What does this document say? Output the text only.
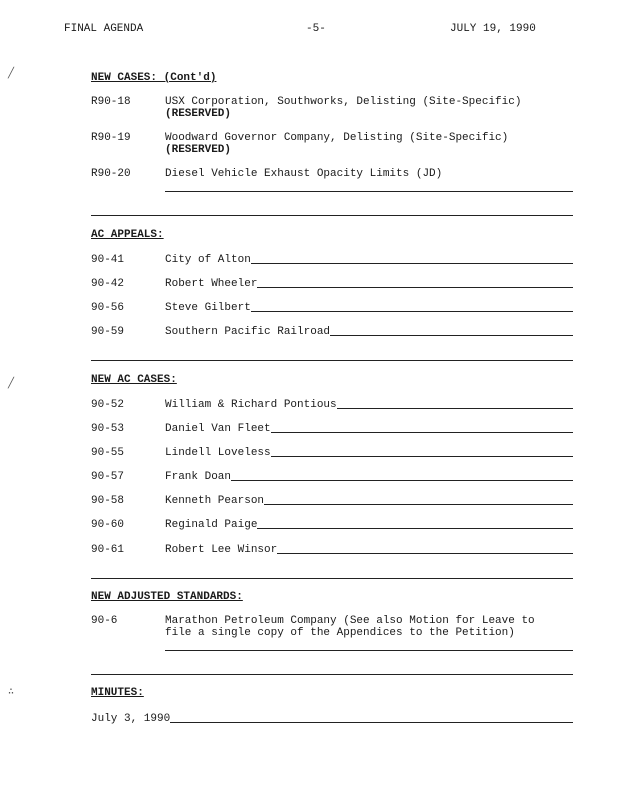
FINAL AGENDA	-5-	JULY 19, 1990
╱
╱
∴
NEW CASES: (Cont'd)
R90-18	USX Corporation, Southworks, Delisting (Site-Specific)
(RESERVED)
R90-19	Woodward Governor Company, Delisting (Site-Specific)
(RESERVED)
R90-20	Diesel Vehicle Exhaust Opacity Limits (JD)
AC APPEALS:
90-41	City of Alton
90-42	Robert Wheeler
90-56	Steve Gilbert
90-59	Southern Pacific Railroad
NEW AC CASES:
90-52	William & Richard Pontious
90-53	Daniel Van Fleet
90-55	Lindell Loveless
90-57	Frank Doan
90-58	Kenneth Pearson
90-60	Reginald Paige
90-61	Robert Lee Winsor
NEW ADJUSTED STANDARDS:
90-6	Marathon Petroleum Company (See also Motion for Leave to
file a single copy of the Appendices to the Petition)
MINUTES:
July 3, 1990
